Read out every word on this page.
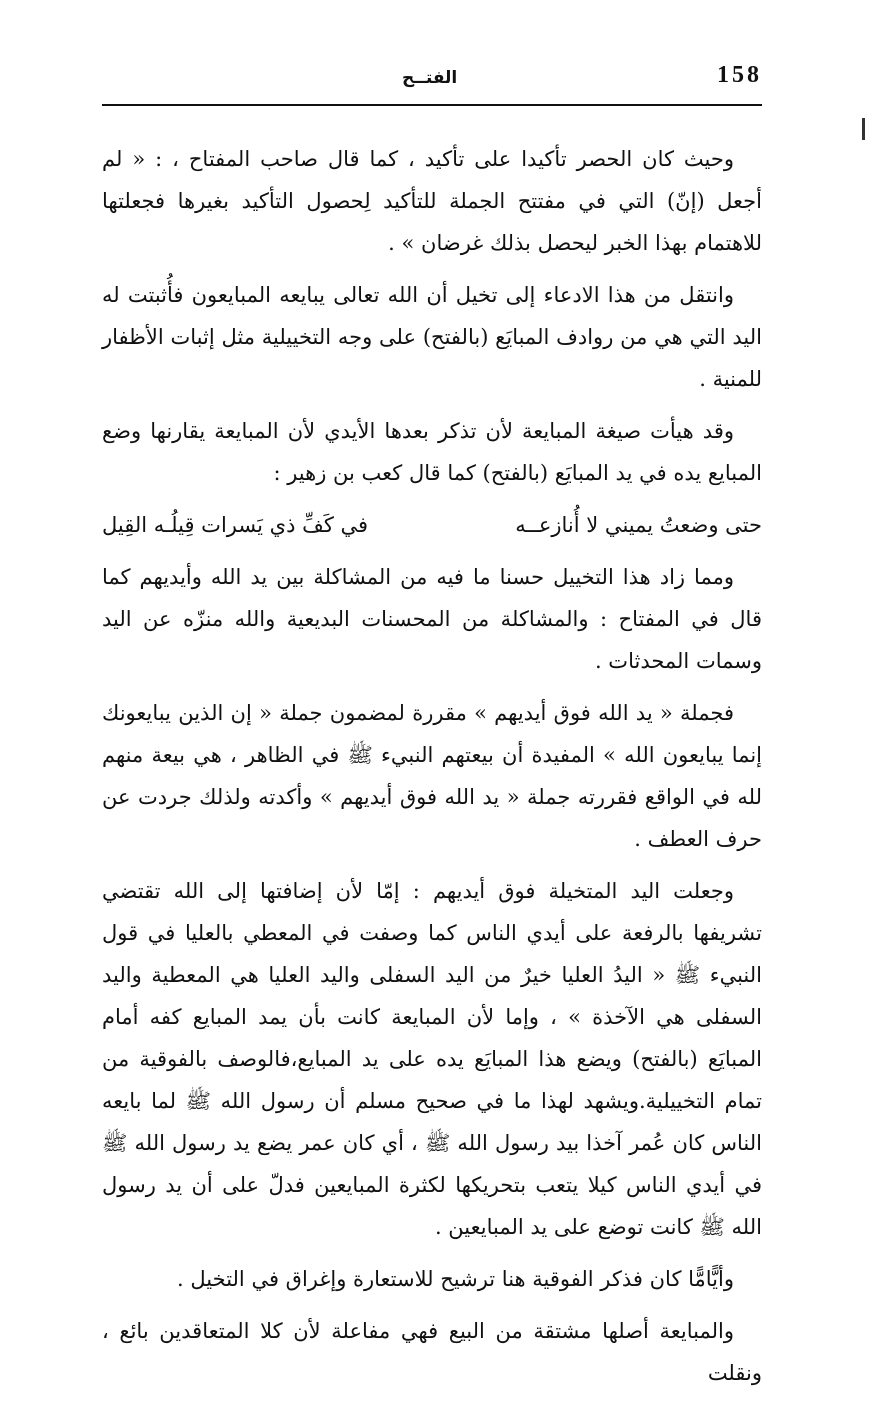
158
الفتــح

وحيث كان الحصر تأكيدا على تأكيد ، كما قال صاحب المفتاح ، : « لم أجعل (إنّ) التي في مفتتح الجملة للتأكيد لِحصول التأكيد بغيرها فجعلتها للاهتمام بهذا الخبر ليحصل بذلك غرضان » .

وانتقل من هذا الادعاء إلى تخيل أن الله تعالى يبايعه المبايعون فأُثبتت له اليد التي هي من روادف المبايَع (بالفتح) على وجه التخييلية مثل إثبات الأظفار للمنية .

وقد هيأت صيغة المبايعة لأن تذكر بعدها الأيدي لأن المبايعة يقارنها وضع المبايع يده في يد المبايَع (بالفتح) كما قال كعب بن زهير :

حتى وضعتُ يميني لا أُنازعــه
في كَفِّ ذي يَسرات قِيلُـه القِيل

ومما زاد هذا التخييل حسنا ما فيه من المشاكلة بين يد الله وأيديهم كما قال في المفتاح : والمشاكلة من المحسنات البديعية والله منزّه عن اليد وسمات المحدثات .

فجملة « يد الله فوق أيديهم » مقررة لمضمون جملة « إن الذين يبايعونك إنما يبايعون الله » المفيدة أن بيعتهم النبيء ﷺ في الظاهر ، هي بيعة منهم لله في الواقع فقررته جملة « يد الله فوق أيديهم » وأكدته ولذلك جردت عن حرف العطف .

وجعلت اليد المتخيلة فوق أيديهم : إمّا لأن إضافتها إلى الله تقتضي تشريفها بالرفعة على أيدي الناس كما وصفت في المعطي بالعليا في قول النبيء ﷺ « اليدُ العليا خيرٌ من اليد السفلى واليد العليا هي المعطية واليد السفلى هي الآخذة » ، وإما لأن المبايعة كانت بأن يمد المبايع كفه أمام المبايَع (بالفتح) ويضع هذا المبايَع يده على يد المبايع،فالوصف بالفوقية من تمام التخييلية.ويشهد لهذا ما في صحيح مسلم أن رسول الله ﷺ لما بايعه الناس كان عُمر آخذا بيد رسول الله ﷺ ، أي كان عمر يضع يد رسول الله ﷺ في أيدي الناس كيلا يتعب بتحريكها لكثرة المبايعين فدلّ على أن يد رسول الله ﷺ كانت توضع على يد المبايعين .

وأيًّامًّا كان فذكر الفوقية هنا ترشيح للاستعارة وإغراق في التخيل .

والمبايعة أصلها مشتقة من البيع فهي مفاعلة لأن كلا المتعاقدين بائع ، ونقلت
